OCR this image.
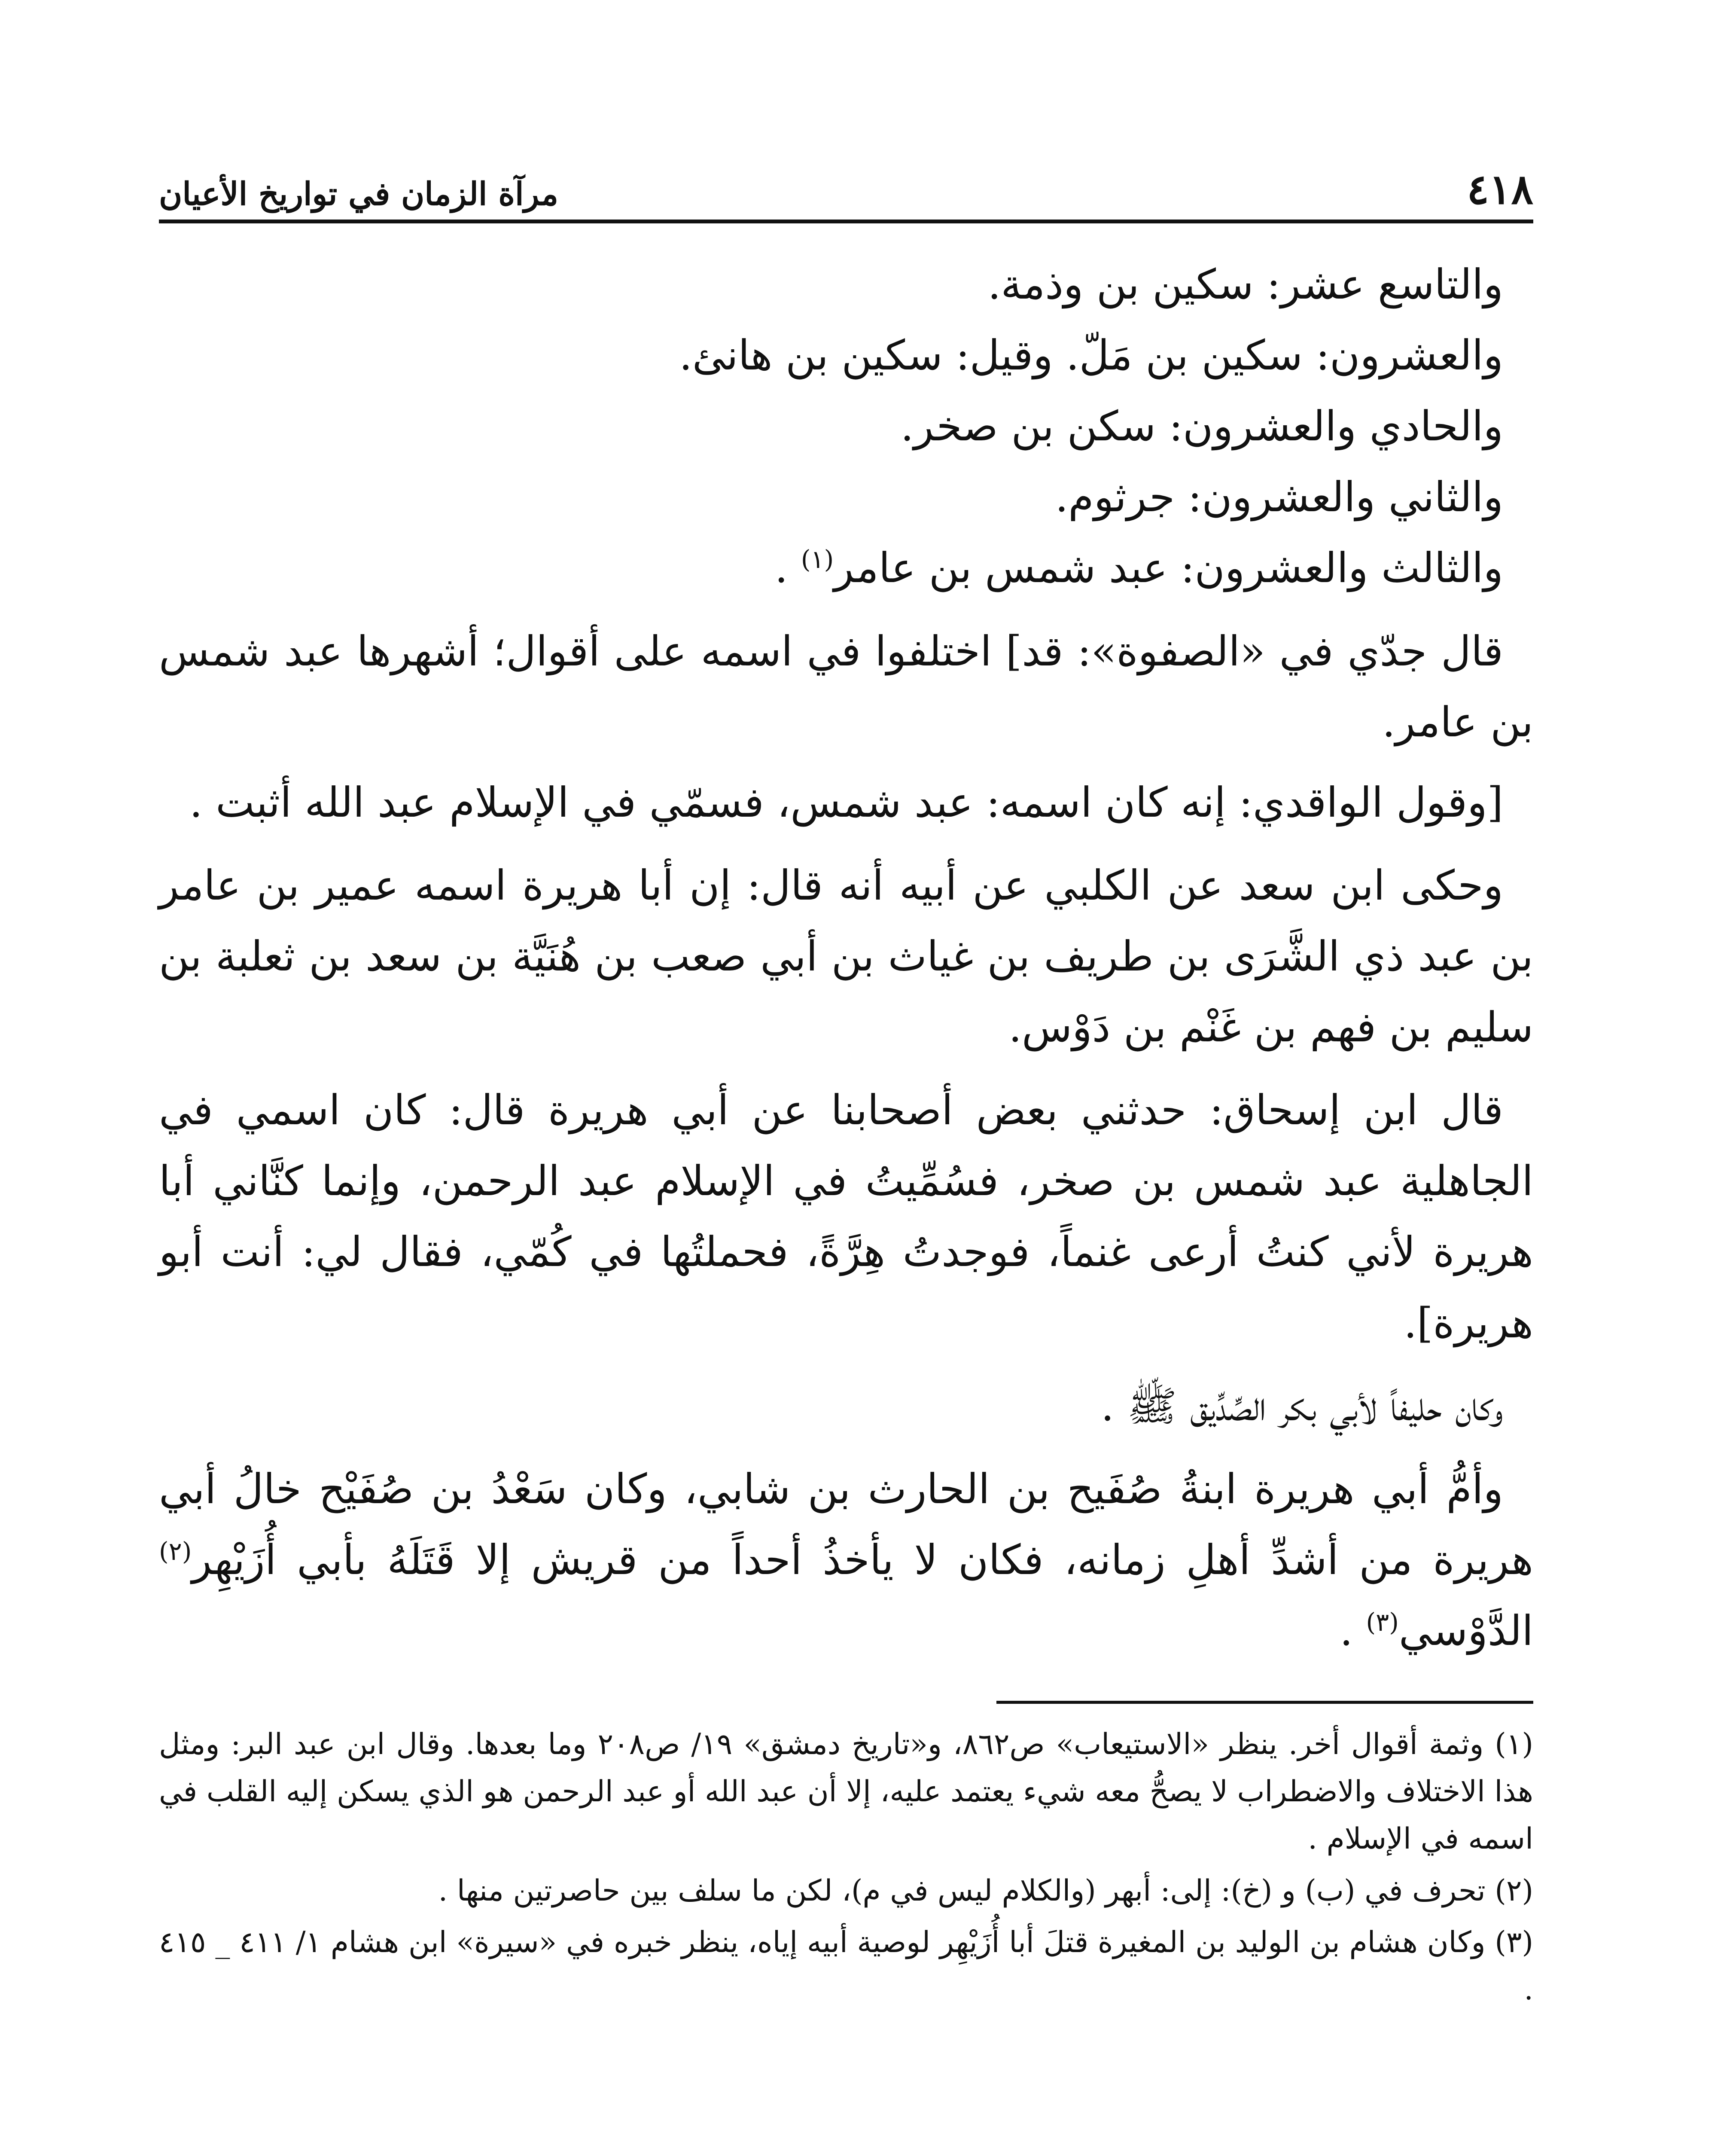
٤١٨
مرآة الزمان في تواريخ الأعيان

والتاسع عشر: سكين بن وذمة.

والعشرون: سكين بن مَلّ. وقيل: سكين بن هانئ.

والحادي والعشرون: سكن بن صخر.

والثاني والعشرون: جرثوم.

والثالث والعشرون: عبد شمس بن عامر$^{(١)}$ .

قال جدّي في «الصفوة»: قد] اختلفوا في اسمه على أقوال؛ أشهرها عبد شمس بن عامر.

[وقول الواقدي: إنه كان اسمه: عبد شمس، فسمّي في الإسلام عبد الله أثبت .

وحكى ابن سعد عن الكلبي عن أبيه أنه قال: إن أبا هريرة اسمه عمير بن عامر بن عبد ذي الشَّرَى بن طريف بن غياث بن أبي صعب بن هُنَيَّة بن سعد بن ثعلبة بن سليم بن فهم بن غَنْم بن دَوْس.

قال ابن إسحاق: حدثني بعض أصحابنا عن أبي هريرة قال: كان اسمي في الجاهلية عبد شمس بن صخر، فسُمِّيتُ في الإسلام عبد الرحمن، وإنما كنَّاني أبا هريرة لأني كنتُ أرعى غنماً، فوجدتُ هِرَّةً، فحملتُها في كُمّي، فقال لي: أنت أبو هريرة].

وكان حليفاً لأبي بكر الصِّدِّيق ﷺ .

وأمُّ أبي هريرة ابنةُ صُفَيح بن الحارث بن شابي، وكان سَعْدُ بن صُفَيْح خالُ أبي هريرة من أشدِّ أهلِ زمانه، فكان لا يأخذُ أحداً من قريش إلا قَتَلَهُ بأبي أُزَيْهِر$^{(٢)}$ الدَّوْسي$^{(٣)}$ .

(١) وثمة أقوال أخر. ينظر «الاستيعاب» ص٨٦٢، و«تاريخ دمشق» ١٩/ ص٢٠٨ وما بعدها. وقال ابن عبد البر: ومثل هذا الاختلاف والاضطراب لا يصحُّ معه شيء يعتمد عليه، إلا أن عبد الله أو عبد الرحمن هو الذي يسكن إليه القلب في اسمه في الإسلام .

(٢) تحرف في (ب) و (خ): إلى: أبهر (والكلام ليس في م)، لكن ما سلف بين حاصرتين منها .

(٣) وكان هشام بن الوليد بن المغيرة قتلَ أبا أُزَيْهِر لوصية أبيه إياه، ينظر خبره في «سيرة» ابن هشام ١/ ٤١١ _ ٤١٥ .
